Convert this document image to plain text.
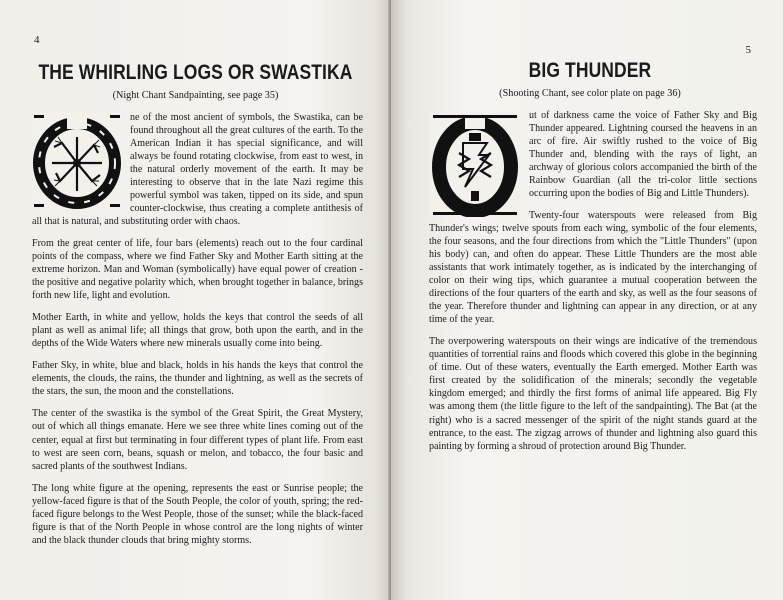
4
THE WHIRLING LOGS OR SWASTIKA
(Night Chant Sandpainting, see page 35)

ne of the most ancient of symbols, the Swastika, can be found throughout all the great cultures of the earth. To the American Indian it has special significance, and will always be found rotating clockwise, from east to west, in the natural orderly movement of the earth. It may be interesting to observe that in the late Nazi regime this powerful symbol was taken, tipped on its side, and spun counter-clockwise, thus creating a complete antithesis of all that is natural, and substituting order with chaos.

From the great center of life, four bars (elements) reach out to the four cardinal points of the compass, where we find Father Sky and Mother Earth sitting at the extreme horizon. Man and Woman (symbolically) have equal power of creation - the positive and negative polarity which, when brought together in balance, brings forth new life, light and evolution.

Mother Earth, in white and yellow, holds the keys that control the seeds of all plant as well as animal life; all things that grow, both upon the earth, and in the depths of the Wide Waters where new minerals usually come into being.

Father Sky, in white, blue and black, holds in his hands the keys that control the elements, the clouds, the rains, the thunder and lightning, as well as the secrets of the stars, the sun, the moon and the constellations.

The center of the swastika is the symbol of the Great Spirit, the Great Mystery, out of which all things emanate. Here we see three white lines coming out of the center, equal at first but terminating in four different types of plant life. From east to west are seen corn, beans, squash or melon, and tobacco, the four basic and sacred plants of the southwest Indians.

The long white figure at the opening, represents the east or Sunrise people; the yellow-faced figure is that of the South People, the color of youth, spring; the red-faced figure belongs to the West People, those of the sunset; while the black-faced figure is that of the North People in whose control are the long nights of winter and the black thunder clouds that bring mighty storms.

5
BIG THUNDER
(Shooting Chant, see color plate on page 36)

ut of darkness came the voice of Father Sky and Big Thunder appeared. Lightning coursed the heavens in an arc of fire. Air swiftly rushed to the voice of Big Thunder and, blending with the rays of light, an archway of glorious colors accompanied the birth of the Rainbow Guardian (all the tri-color little sections occurring upon the bodies of Big and Little Thunders).

Twenty-four waterspouts were released from Big Thunder's wings; twelve spouts from each wing, symbolic of the four elements, the four seasons, and the four directions from which the "Little Thunders" (upon his body) can, and often do appear. These Little Thunders are the most able assistants that work intimately together, as is indicated by the interchanging of color on their wing tips, which guarantee a mutual cooperation between the directions of the four quarters of the earth and sky, as well as the four seasons of the year. Therefore thunder and lightning can appear in any direction, or at any time of the year.

The overpowering waterspouts on their wings are indicative of the tremendous quantities of torrential rains and floods which covered this globe in the beginning of time. Out of these waters, eventually the Earth emerged. Mother Earth was first created by the solidification of the minerals; secondly the vegetable kingdom emerged; and thirdly the first forms of animal life appeared. Big Fly was among them (the little figure to the left of the sandpainting). The Bat (at the right) who is a sacred messenger of the spirit of the night stands guard at the entrance, to the east. The zigzag arrows of thunder and lightning also guard this painting by forming a shroud of protection around Big Thunder.
